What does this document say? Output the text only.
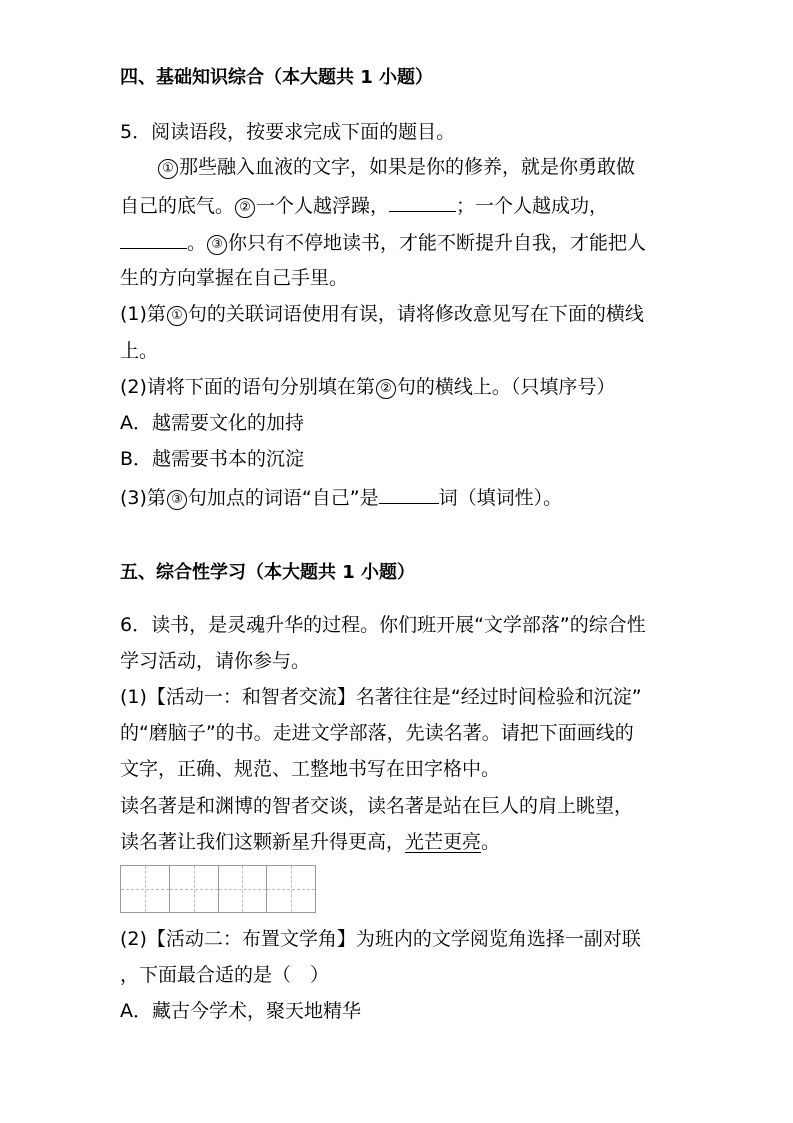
四、基础知识综合（本大题共 1 小题）
5．阅读语段，按要求完成下面的题目。
① 那些融入血液的文字，如果是你的修养，就是你勇敢做
自己的底气。 ② 一个人越浮躁，	；一个人越成功，
。 ③ 你只有不停地读书，才能不断提升自我，才能把人
生的方向掌握在自己手里。
(1)第 ① 句的关联词语使用有误，请将修改意见写在下面的横线
上。
(2)请将下面的语句分别填在第 ② 句的横线上。（只填序号）
A．越需要文化的加持
B．越需要书本的沉淀
(3)第 ③ 句加点的词语“自己”是	词（填词性）。
五、综合性学习（本大题共 1 小题）
6．读书，是灵魂升华的过程。你们班开展“文学部落”的综合性
学习活动，请你参与。
(1)【活动一：和智者交流】名著往往是“经过时间检验和沉淀”
的“磨脑子”的书。走进文学部落，先读名著。请把下面画线的
文字，正确、规范、工整地书写在田字格中。
读名著是和渊博的智者交谈，读名著是站在巨人的肩上眺望，
读名著让我们这颗新星升得更高，光芒更亮。
(2)【活动二：布置文学角】为班内的文学阅览角选择一副对联
，下面最合适的是（　）
A．藏古今学术，聚天地精华
